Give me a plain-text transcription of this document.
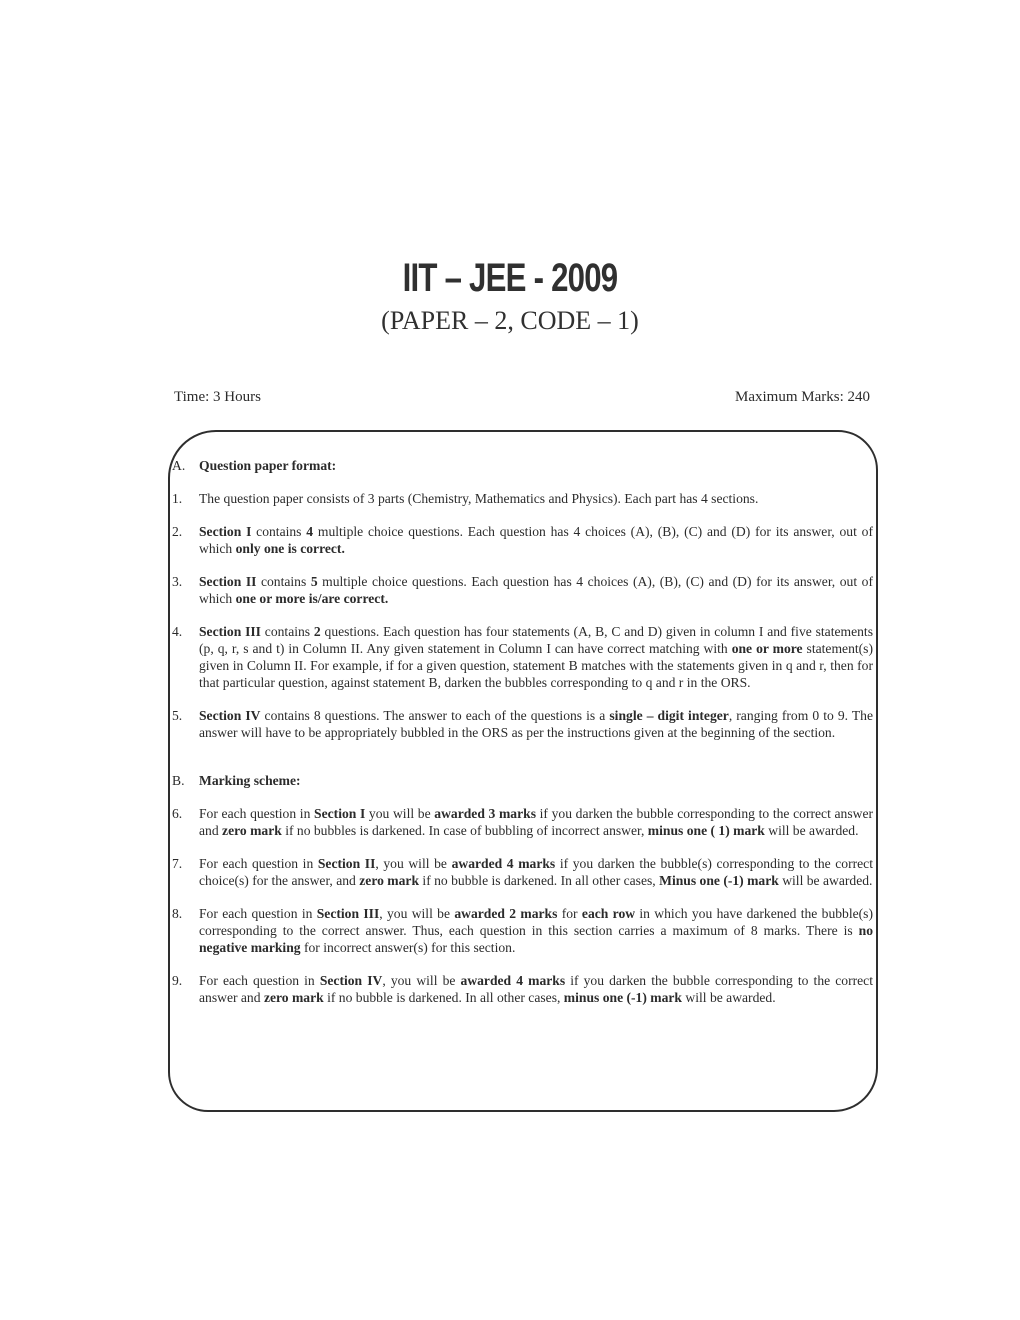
IIT – JEE - 2009
(PAPER – 2, CODE – 1)
Time: 3 Hours	Maximum Marks: 240
A.	Question paper format:
1.	The question paper consists of 3 parts (Chemistry, Mathematics and Physics). Each part has 4 sections.
2.	Section I contains 4 multiple choice questions. Each question has 4 choices (A), (B), (C) and (D) for its answer, out of which only one is correct.
3.	Section II contains 5 multiple choice questions. Each question has 4 choices (A), (B), (C) and (D) for its answer, out of which one or more is/are correct.
4.	Section III contains 2 questions. Each question has four statements (A, B, C and D) given in column I and five statements (p, q, r, s and t) in Column II. Any given statement in Column I can have correct matching with one or more statement(s) given in Column II. For example, if for a given question, statement B matches with the statements given in q and r, then for that particular question, against statement B, darken the bubbles corresponding to q and r in the ORS.
5.	Section IV contains 8 questions. The answer to each of the questions is a single – digit integer, ranging from 0 to 9. The answer will have to be appropriately bubbled in the ORS as per the instructions given at the beginning of the section.
B.	Marking scheme:
6.	For each question in Section I you will be awarded 3 marks if you darken the bubble corresponding to the correct answer and zero mark if no bubbles is darkened. In case of bubbling of incorrect answer, minus one ( 1) mark will be awarded.
7.	For each question in Section II, you will be awarded 4 marks if you darken the bubble(s) corresponding to the correct choice(s) for the answer, and zero mark if no bubble is darkened. In all other cases, Minus one (-1) mark will be awarded.
8.	For each question in Section III, you will be awarded 2 marks for each row in which you have darkened the bubble(s) corresponding to the correct answer. Thus, each question in this section carries a maximum of 8 marks. There is no negative marking for incorrect answer(s) for this section.
9.	For each question in Section IV, you will be awarded 4 marks if you darken the bubble corresponding to the correct answer and zero mark if no bubble is darkened. In all other cases, minus one (-1) mark will be awarded.
